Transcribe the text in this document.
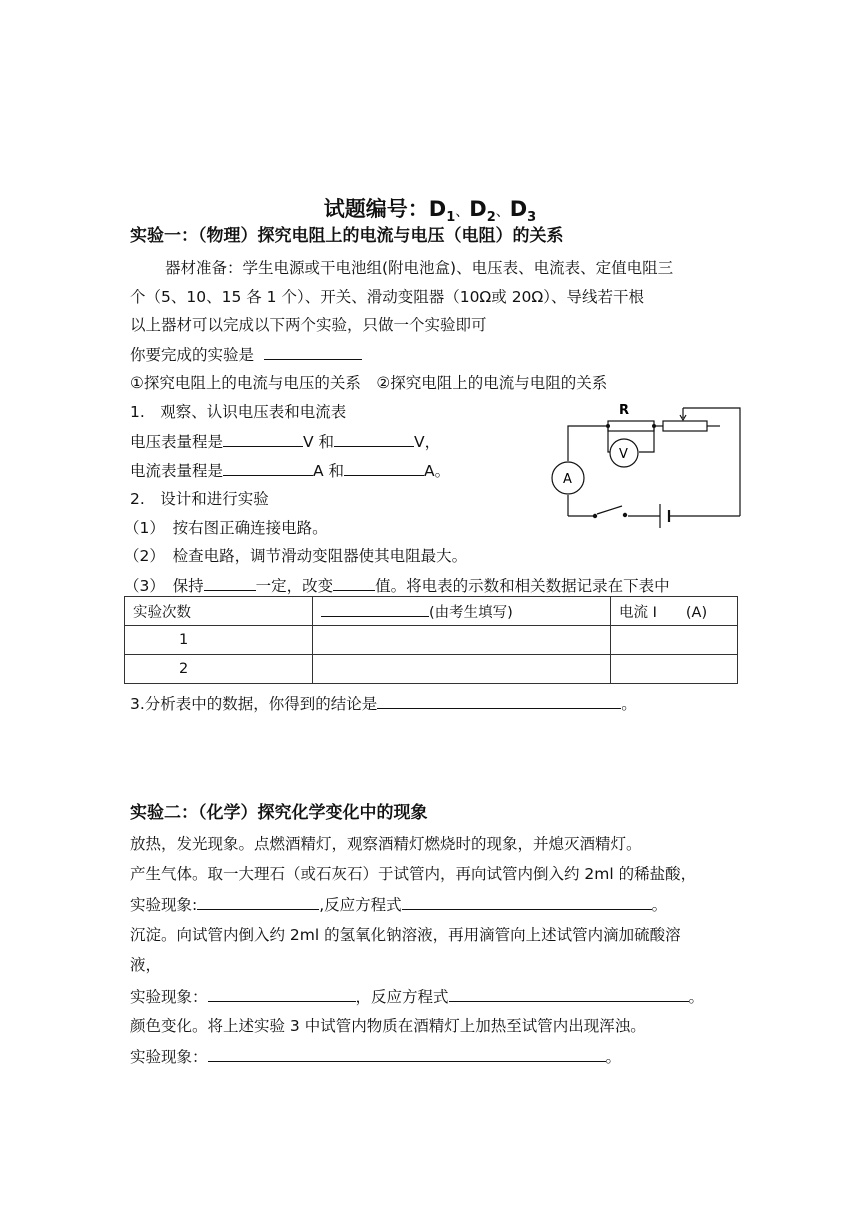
试题编号：$D_1$、$D_2$、$D_3$
实验一：（物理）探究电阻上的电流与电压（电阻）的关系
器材准备：学生电源或干电池组(附电池盒)、电压表、电流表、定值电阻三
个（5、10、15 各 1 个）、开关、滑动变阻器（10Ω或 20Ω）、导线若干根
以上器材可以完成以下两个实验，只做一个实验即可
你要完成的实验是
①探究电阻上的电流与电压的关系　②探究电阻上的电流与电阻的关系
1.　观察、认识电压表和电流表
电压表量程是	V 和	V，
电流表量程是	A 和	A。
2.　设计和进行实验
（1）　按右图正确连接电路。
（2）　检查电路，调节滑动变阻器使其电阻最大。
（3）　保持	一定，改变	值。将电表的示数和相关数据记录在下表中
R
V
A
实验次数	(由考生填写)	电流 I　　(A)
1		
2		
3.分析表中的数据，你得到的结论是	。
实验二：（化学）探究化学变化中的现象
放热，发光现象。点燃酒精灯，观察酒精灯燃烧时的现象，并熄灭酒精灯。
产生气体。取一大理石（或石灰石）于试管内，再向试管内倒入约 2ml 的稀盐酸，
实验现象:	,反应方程式	。
沉淀。向试管内倒入约 2ml 的氢氧化钠溶液，再用滴管向上述试管内滴加硫酸溶
液，
实验现象：	，反应方程式	。
颜色变化。将上述实验 3 中试管内物质在酒精灯上加热至试管内出现浑浊。
实验现象：	。
